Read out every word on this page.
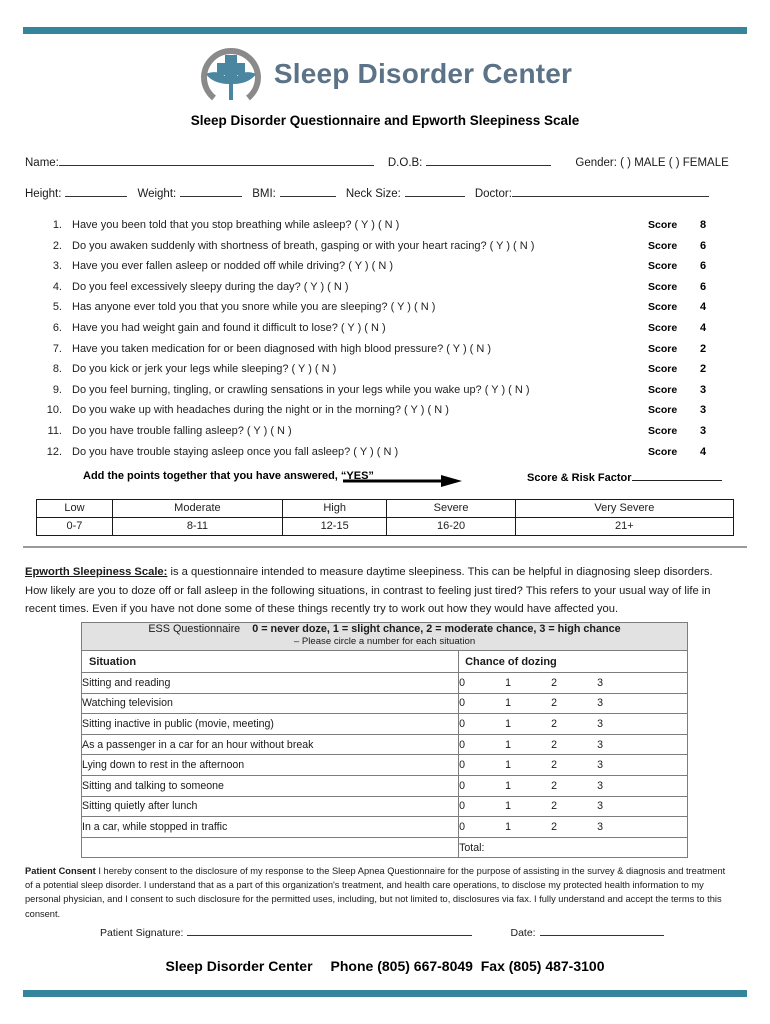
Sleep Disorder Center
Sleep Disorder Questionnaire and Epworth Sleepiness Scale
Name:	D.O.B:	Gender: ( ) MALE ( ) FEMALE
Height:	Weight:	BMI:	Neck Size:	Doctor:
1. Have you been told that you stop breathing while asleep? ( Y ) ( N )	Score	8
2. Do you awaken suddenly with shortness of breath, gasping or with your heart racing? ( Y ) ( N )	Score	6
3. Have you ever fallen asleep or nodded off while driving? ( Y ) ( N )	Score	6
4. Do you feel excessively sleepy during the day? ( Y ) ( N )	Score	6
5. Has anyone ever told you that you snore while you are sleeping? ( Y ) ( N )	Score	4
6. Have you had weight gain and found it difficult to lose? ( Y ) ( N )	Score	4
7. Have you taken medication for or been diagnosed with high blood pressure? ( Y ) ( N )	Score	2
8. Do you kick or jerk your legs while sleeping? ( Y ) ( N )	Score	2
9. Do you feel burning, tingling, or crawling sensations in your legs while you wake up? ( Y ) ( N )	Score	3
10. Do you wake up with headaches during the night or in the morning? ( Y ) ( N )	Score	3
11. Do you have trouble falling asleep? ( Y ) ( N )	Score	3
12. Do you have trouble staying asleep once you fall asleep? ( Y ) ( N )	Score	4
Add the points together that you have answered, “YES”	Score & Risk Factor
Low	Moderate	High	Severe	Very Severe
0-7	8-11	12-15	16-20	21+
Epworth Sleepiness Scale: is a questionnaire intended to measure daytime sleepiness. This can be helpful in diagnosing sleep disorders. How likely are you to doze off or fall asleep in the following situations, in contrast to feeling just tired? This refers to your usual way of life in recent times. Even if you have not done some of these things recently try to work out how they would have affected you.
ESS Questionnaire 0 = never doze, 1 = slight chance, 2 = moderate chance, 3 = high chance
– Please circle a number for each situation	

Situation	Chance of dozing
Sitting and reading	0 1 2 3

Watching television	0 1 2 3

Sitting inactive in public (movie, meeting)	0 1 2 3

As a passenger in a car for an hour without break	0 1 2 3

Lying down to rest in the afternoon	0 1 2 3

Sitting and talking to someone	0 1 2 3

Sitting quietly after lunch	0 1 2 3

In a car, while stopped in traffic	0 1 2 3

	Total:
Patient Consent I hereby consent to the disclosure of my response to the Sleep Apnea Questionnaire for the purpose of assisting in the survey & diagnosis and treatment of a potential sleep disorder. I understand that as a part of this organization's treatment, and health care operations, to disclose my protected health information to my personal physician, and I consent to such disclosure for the permitted uses, including, but not limited to, disclosures via fax. I fully understand and accept the terms to this consent.
Patient Signature:	Date:
Sleep Disorder Center Phone (805) 667-8049 Fax (805) 487-3100
